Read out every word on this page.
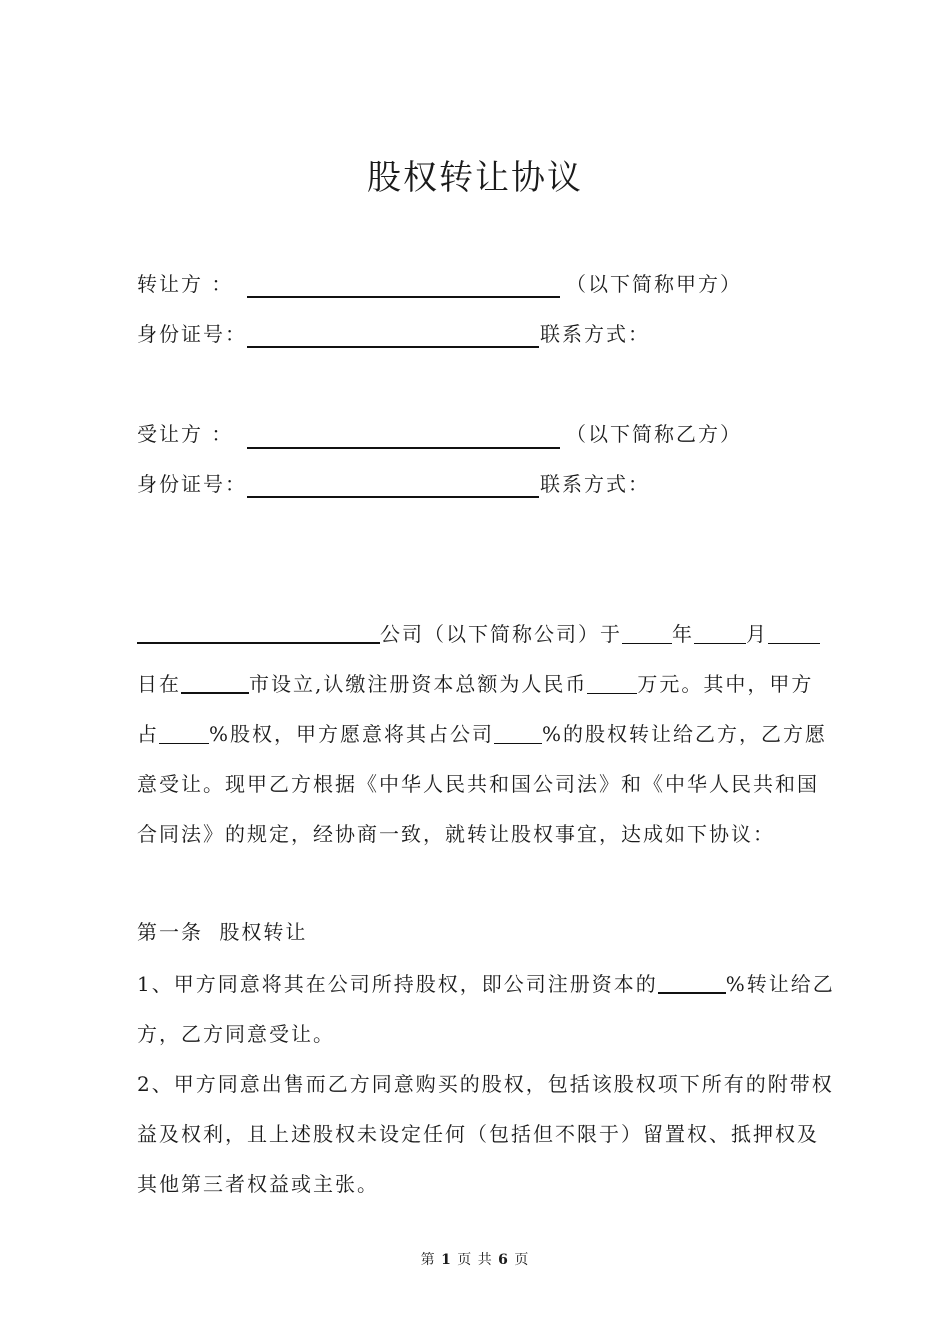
股权转让协议
转让方 ：	（以下简称甲方）
身份证号：	联系方式：
受让方 ：	（以下简称乙方）
身份证号：	联系方式：
公司（以下简称公司）于	年	月
日在	市设立,认缴注册资本总额为人民币	万元。其中，甲方
占	%股权，甲方愿意将其占公司 %的股权转让给乙方，乙方愿
意受让。现甲乙方根据《中华人民共和国公司法》和《中华人民共和国
合同法》的规定，经协商一致，就转让股权事宜，达成如下协议：
第一条 股权转让
1、甲方同意将其在公司所持股权，即公司注册资本的	%转让给乙
方，乙方同意受让。
2、甲方同意出售而乙方同意购买的股权，包括该股权项下所有的附带权
益及权利，且上述股权未设定任何（包括但不限于）留置权、抵押权及
其他第三者权益或主张。
第 1 页 共 6 页
